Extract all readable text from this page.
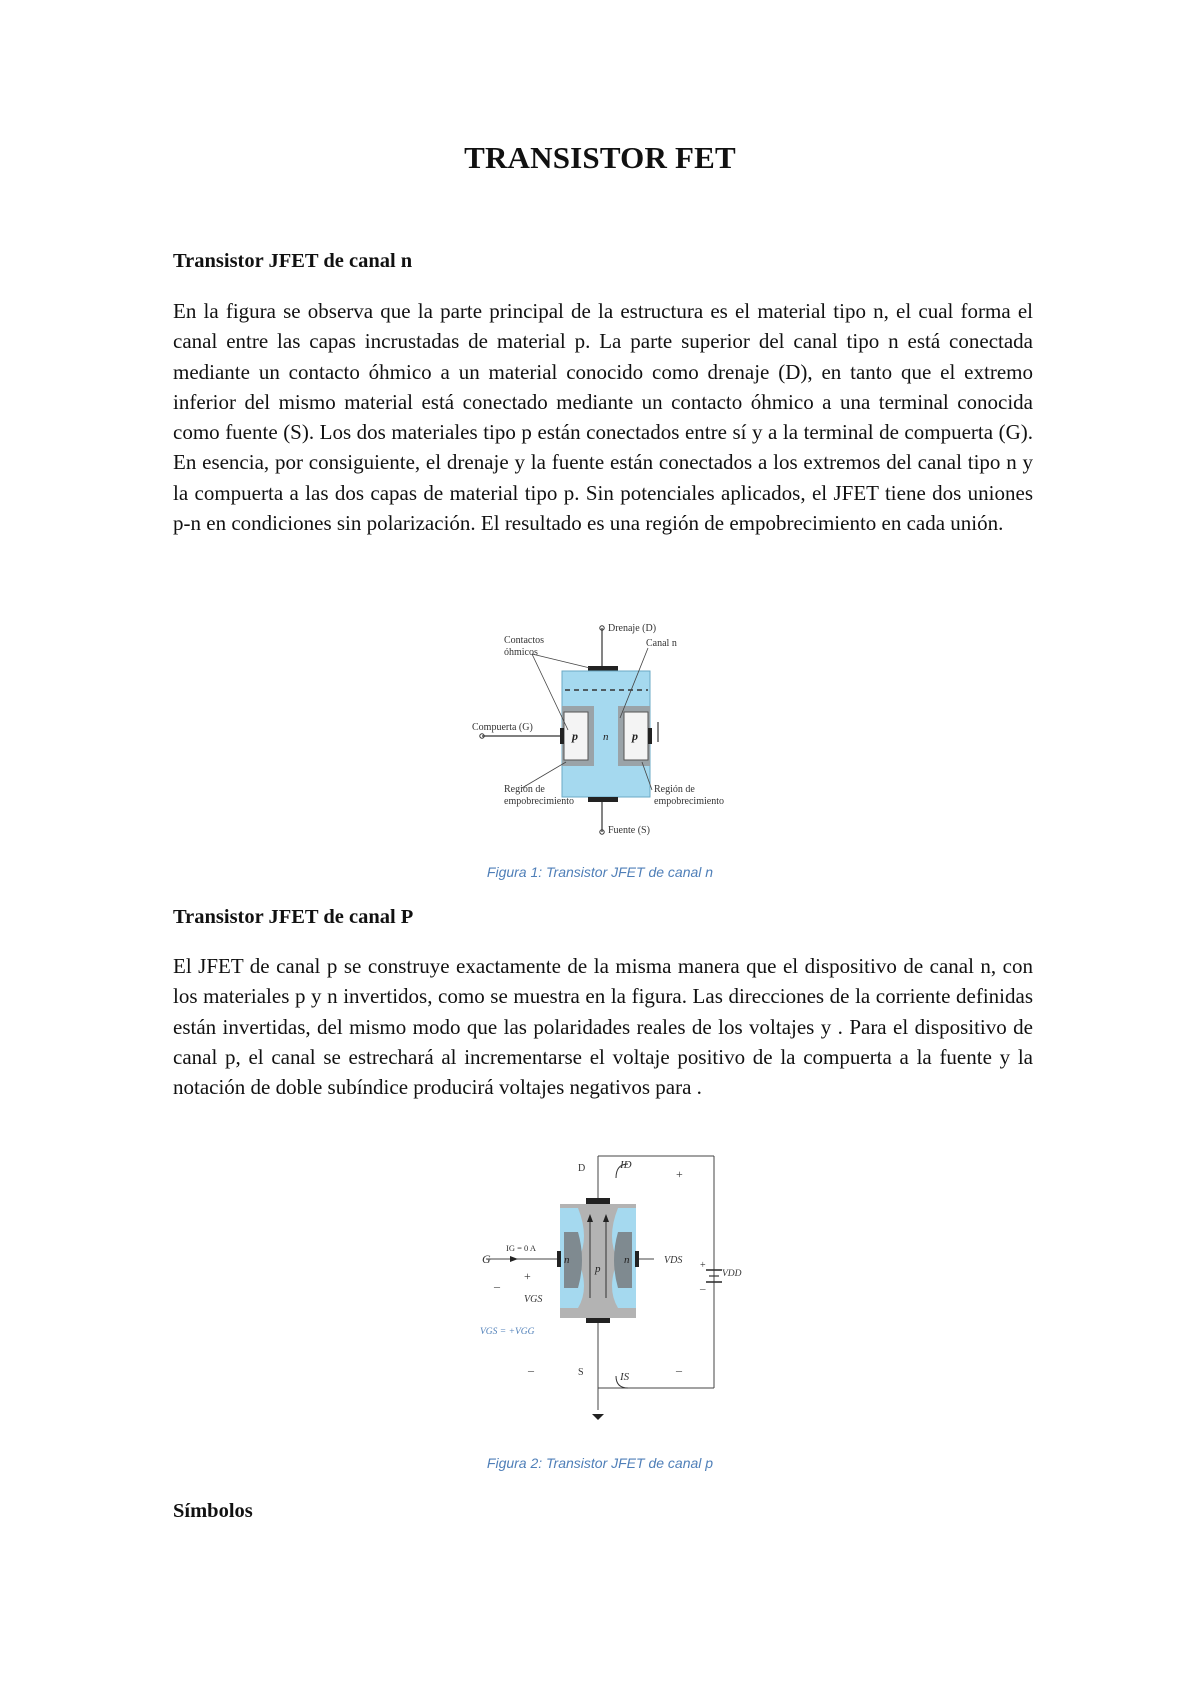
TRANSISTOR FET
Transistor JFET de canal n

En la figura se observa que la parte principal de la estructura es el material tipo n, el cual forma el canal entre las capas incrustadas de material p. La parte superior del canal tipo n está conectada mediante un contacto óhmico a un material conocido como drenaje (D), en tanto que el extremo inferior del mismo material está conectado mediante un contacto óhmico a una terminal conocida como fuente (S). Los dos materiales tipo p están conectados entre sí y a la terminal de compuerta (G). En esencia, por consiguiente, el drenaje y la fuente están conectados a los extremos del canal tipo n y la compuerta a las dos capas de material tipo p. Sin potenciales aplicados, el JFET tiene dos uniones p-n en condiciones sin polarización. El resultado es una región de empobrecimiento en cada unión.

Drenaje (D)
Contactos
óhmicos
Canal n
Compuerta (G)
p n p
Región de
empobrecimiento
Región de
empobrecimiento
Fuente (S)

Figura 1: Transistor JFET de canal n

Transistor JFET de canal P

El JFET de canal p se construye exactamente de la misma manera que el dispositivo de canal n, con los materiales p y n invertidos, como se muestra en la figura. Las direcciones de la corriente definidas están invertidas, del mismo modo que las polaridades reales de los voltajes y . Para el dispositivo de canal p, el canal se estrechará al incrementarse el voltaje positivo de la compuerta a la fuente y la notación de doble subíndice producirá voltajes negativos para .

D	ID
+
G
IG = 0 A
n	n
p
VDS
VDD
+
–
+
–
VGS
VGS = +VGG
–	S	IS	–

Figura 2: Transistor JFET de canal p

Símbolos
